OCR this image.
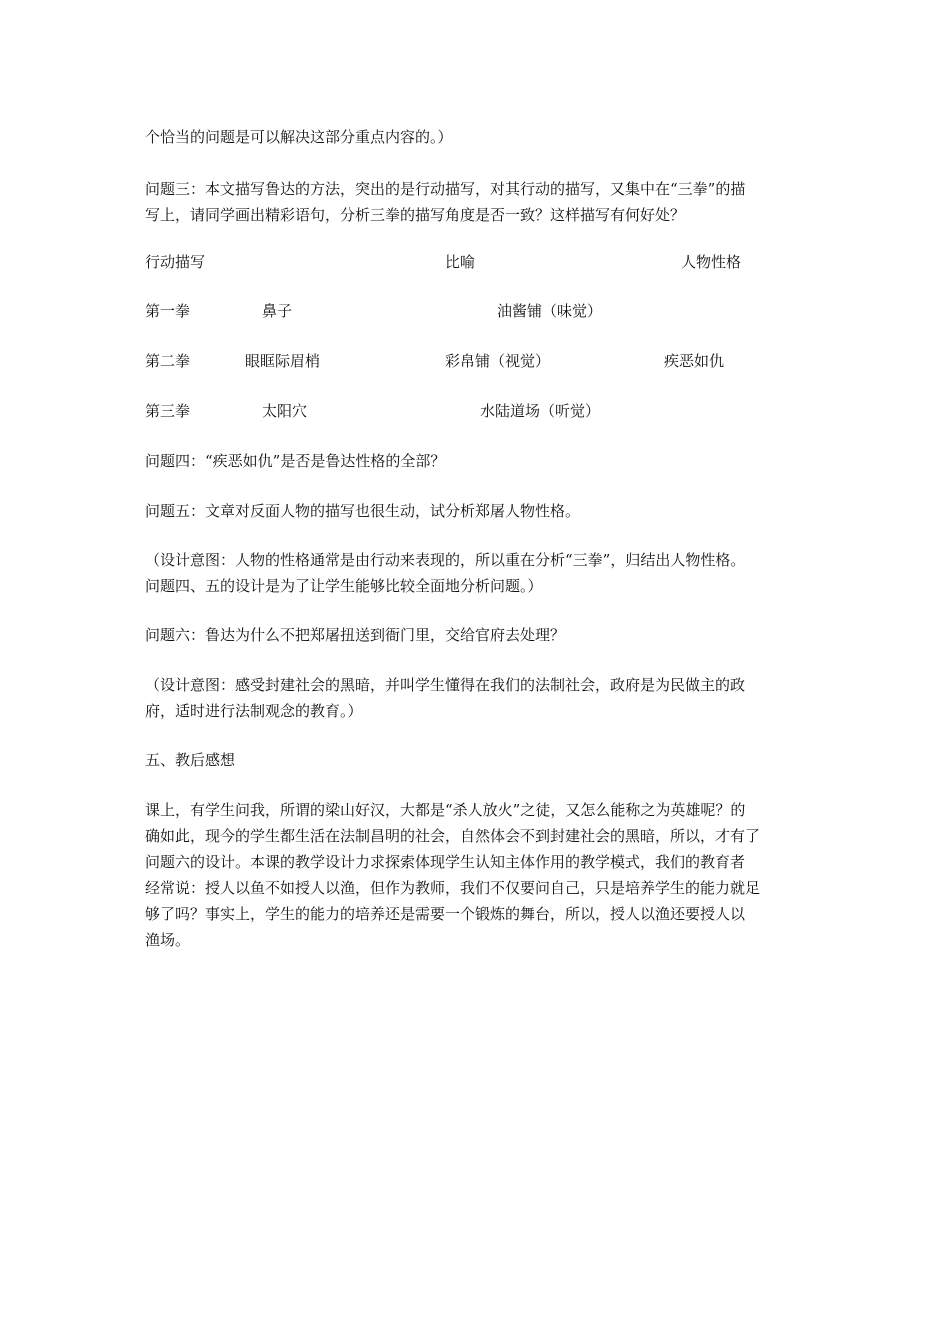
个恰当的问题是可以解决这部分重点内容的。）
问题三：本文描写鲁达的方法，突出的是行动描写，对其行动的描写，又集中在“三拳”的描
写上，请同学画出精彩语句，分析三拳的描写角度是否一致？这样描写有何好处？
行动描写	比喻	人物性格
第一拳	鼻子	油酱铺（味觉）
第二拳	眼眶际眉梢	彩帛铺（视觉）	疾恶如仇
第三拳	太阳穴	水陆道场（听觉）
问题四：“疾恶如仇”是否是鲁达性格的全部？
问题五：文章对反面人物的描写也很生动，试分析郑屠人物性格。
（设计意图：人物的性格通常是由行动来表现的，所以重在分析“三拳”，归结出人物性格。
问题四、五的设计是为了让学生能够比较全面地分析问题。）
问题六：鲁达为什么不把郑屠扭送到衙门里，交给官府去处理？
（设计意图：感受封建社会的黑暗，并叫学生懂得在我们的法制社会，政府是为民做主的政
府，适时进行法制观念的教育。）
五、教后感想
课上，有学生问我，所谓的梁山好汉，大都是“杀人放火”之徒，又怎么能称之为英雄呢？的
确如此，现今的学生都生活在法制昌明的社会，自然体会不到封建社会的黑暗，所以，才有了
问题六的设计。本课的教学设计力求探索体现学生认知主体作用的教学模式，我们的教育者
经常说：授人以鱼不如授人以渔，但作为教师，我们不仅要问自己，只是培养学生的能力就足
够了吗？事实上，学生的能力的培养还是需要一个锻炼的舞台，所以，授人以渔还要授人以
渔场。
